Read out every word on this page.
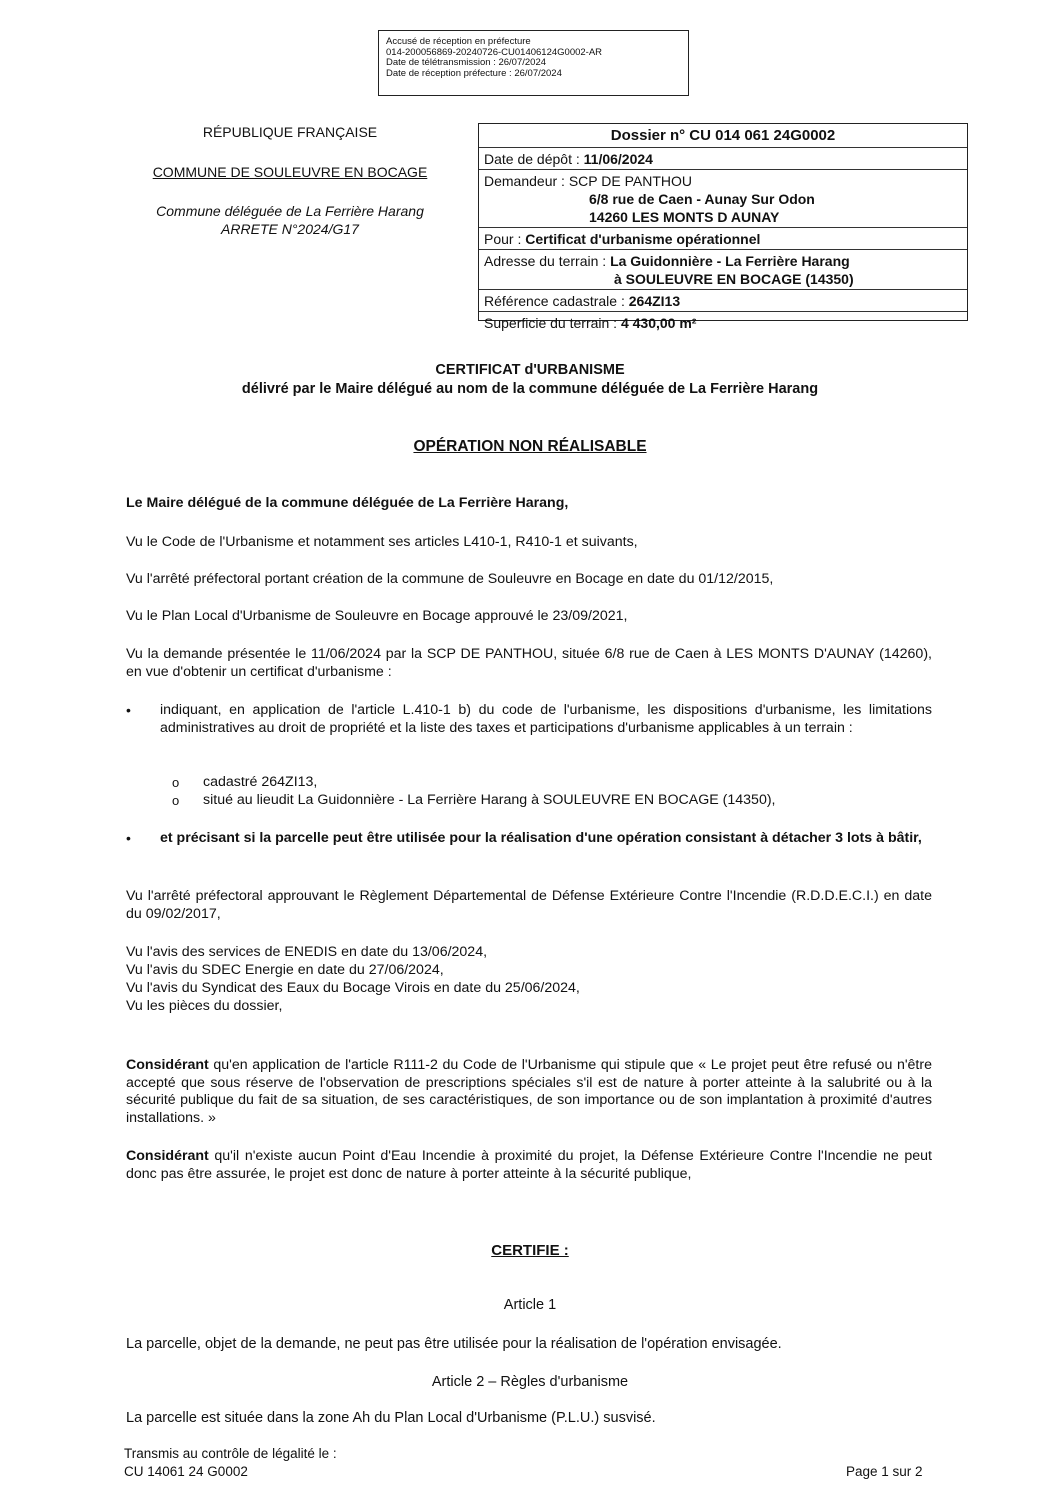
Accusé de réception en préfecture
014-200056869-20240726-CU01406124G0002-AR
Date de télétransmission : 26/07/2024
Date de réception préfecture : 26/07/2024
RÉPUBLIQUE FRANÇAISE
COMMUNE DE SOULEUVRE EN BOCAGE
Commune déléguée de La Ferrière Harang
ARRETE N°2024/G17
Dossier n° CU 014 061 24G0002
Date de dépôt : 11/06/2024
Demandeur : SCP DE PANTHOU
6/8 rue de Caen - Aunay Sur Odon
14260 LES MONTS D AUNAY
Pour : Certificat d'urbanisme opérationnel
Adresse du terrain : La Guidonnière - La Ferrière Harang
à SOULEUVRE EN BOCAGE (14350)
Référence cadastrale : 264ZI13
Superficie du terrain : 4 430,00 m²
CERTIFICAT d'URBANISME
délivré par le Maire délégué au nom de la commune déléguée de La Ferrière Harang
OPÉRATION NON RÉALISABLE
Le Maire délégué de la commune déléguée de La Ferrière Harang,
Vu le Code de l'Urbanisme et notamment ses articles L410-1, R410-1 et suivants,
Vu l'arrêté préfectoral portant création de la commune de Souleuvre en Bocage en date du 01/12/2015,
Vu le Plan Local d'Urbanisme de Souleuvre en Bocage approuvé le 23/09/2021,
Vu la demande présentée le 11/06/2024 par la SCP DE PANTHOU, située 6/8 rue de Caen à LES MONTS D'AUNAY (14260), en vue d'obtenir un certificat d'urbanisme :
•	indiquant, en application de l'article L.410-1 b) du code de l'urbanisme, les dispositions d'urbanisme, les limitations administratives au droit de propriété et la liste des taxes et participations d'urbanisme applicables à un terrain :
o cadastré 264ZI13,
o situé au lieudit La Guidonnière - La Ferrière Harang à SOULEUVRE EN BOCAGE (14350),
•	et précisant si la parcelle peut être utilisée pour la réalisation d'une opération consistant à détacher 3 lots à bâtir,
Vu l'arrêté préfectoral approuvant le Règlement Départemental de Défense Extérieure Contre l'Incendie (R.D.D.E.C.I.) en date du 09/02/2017,
Vu l'avis des services de ENEDIS en date du 13/06/2024,
Vu l'avis du SDEC Energie en date du 27/06/2024,
Vu l'avis du Syndicat des Eaux du Bocage Virois en date du 25/06/2024,
Vu les pièces du dossier,
Considérant qu'en application de l'article R111-2 du Code de l'Urbanisme qui stipule que « Le projet peut être refusé ou n'être accepté que sous réserve de l'observation de prescriptions spéciales s'il est de nature à porter atteinte à la salubrité ou à la sécurité publique du fait de sa situation, de ses caractéristiques, de son importance ou de son implantation à proximité d'autres installations. »
Considérant qu'il n'existe aucun Point d'Eau Incendie à proximité du projet, la Défense Extérieure Contre l'Incendie ne peut donc pas être assurée, le projet est donc de nature à porter atteinte à la sécurité publique,
CERTIFIE :
Article 1
La parcelle, objet de la demande, ne peut pas être utilisée pour la réalisation de l'opération envisagée.
Article 2 – Règles d'urbanisme
La parcelle est située dans la zone Ah du Plan Local d'Urbanisme (P.L.U.) susvisé.
Transmis au contrôle de légalité le :
CU 14061 24 G0002	Page 1 sur 2
